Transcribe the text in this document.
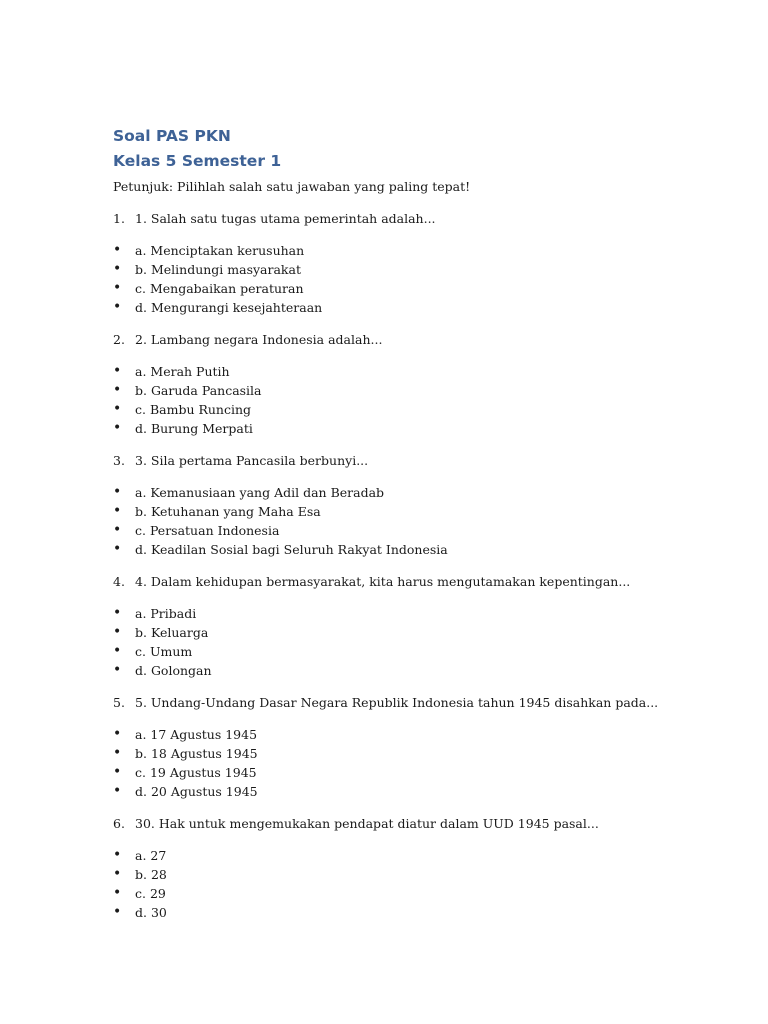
Soal PAS PKN
Kelas 5 Semester 1

Petunjuk: Pilihlah salah satu jawaban yang paling tepat!

1. 1. Salah satu tugas utama pemerintah adalah...
•	a. Menciptakan kerusuhan
•	b. Melindungi masyarakat
•	c. Mengabaikan peraturan
•	d. Mengurangi kesejahteraan
2. 2. Lambang negara Indonesia adalah...
•	a. Merah Putih
•	b. Garuda Pancasila
•	c. Bambu Runcing
•	d. Burung Merpati
3. 3. Sila pertama Pancasila berbunyi...
•	a. Kemanusiaan yang Adil dan Beradab
•	b. Ketuhanan yang Maha Esa
•	c. Persatuan Indonesia
•	d. Keadilan Sosial bagi Seluruh Rakyat Indonesia
4. 4. Dalam kehidupan bermasyarakat, kita harus mengutamakan kepentingan...
•	a. Pribadi
•	b. Keluarga
•	c. Umum
•	d. Golongan
5. 5. Undang-Undang Dasar Negara Republik Indonesia tahun 1945 disahkan pada...
•	a. 17 Agustus 1945
•	b. 18 Agustus 1945
•	c. 19 Agustus 1945
•	d. 20 Agustus 1945
6. 30. Hak untuk mengemukakan pendapat diatur dalam UUD 1945 pasal...
•	a. 27
•	b. 28
•	c. 29
•	d. 30
